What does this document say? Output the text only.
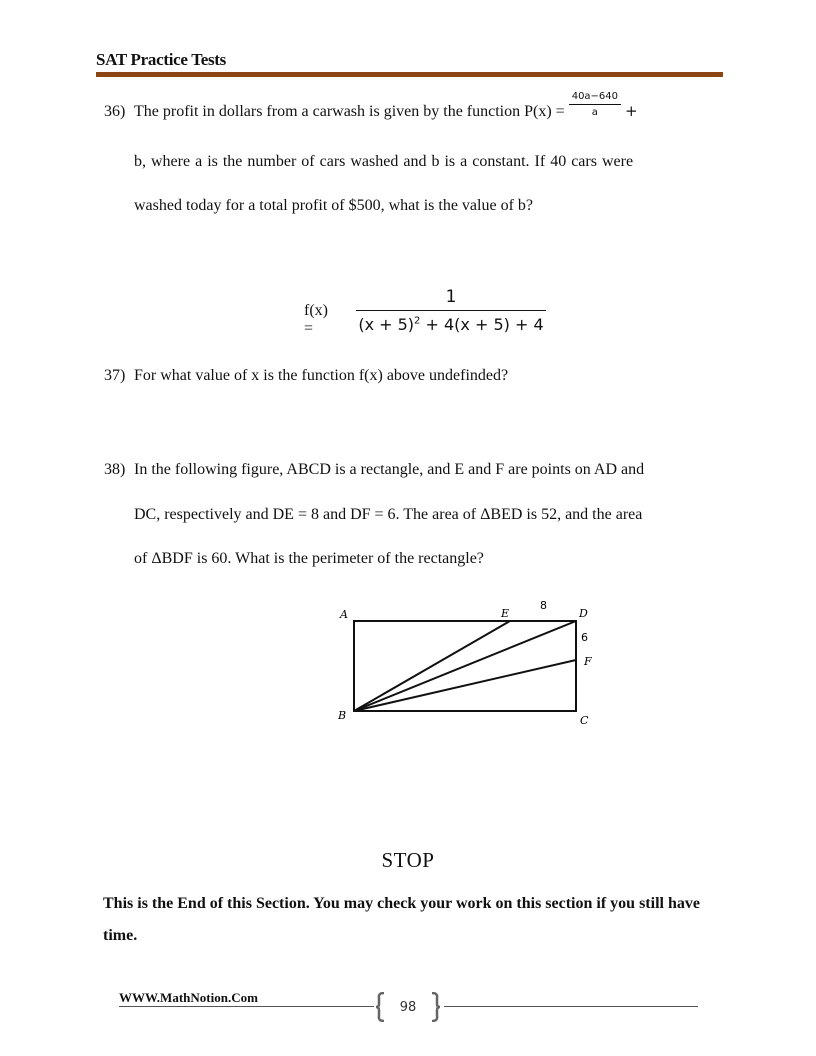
SAT Practice Tests
36) The profit in dollars from a carwash is given by the function $P(x) = \frac{40a-640}{a}$ +
b, where a is the number of cars washed and b is a constant. If 40 cars were
washed today for a total profit of $500, what is the value of b?
f(x) =	$\frac{1}{(x + 5)^2 + 4(x + 5) + 4}$
37) For what value of x is the function f(x) above undefinded?
38) In the following figure, ABCD is a rectangle, and E and F are points on AD and
DC, respectively and DE = 8 and DF = 6. The area of ΔBED is 52, and the area
of ΔBDF is 60. What is the perimeter of the rectangle?
A
B	C
D
E
F
8
6
STOP
This is the End of this Section. You may check your work on this section if you still have time.
WWW.MathNotion.Com
98
